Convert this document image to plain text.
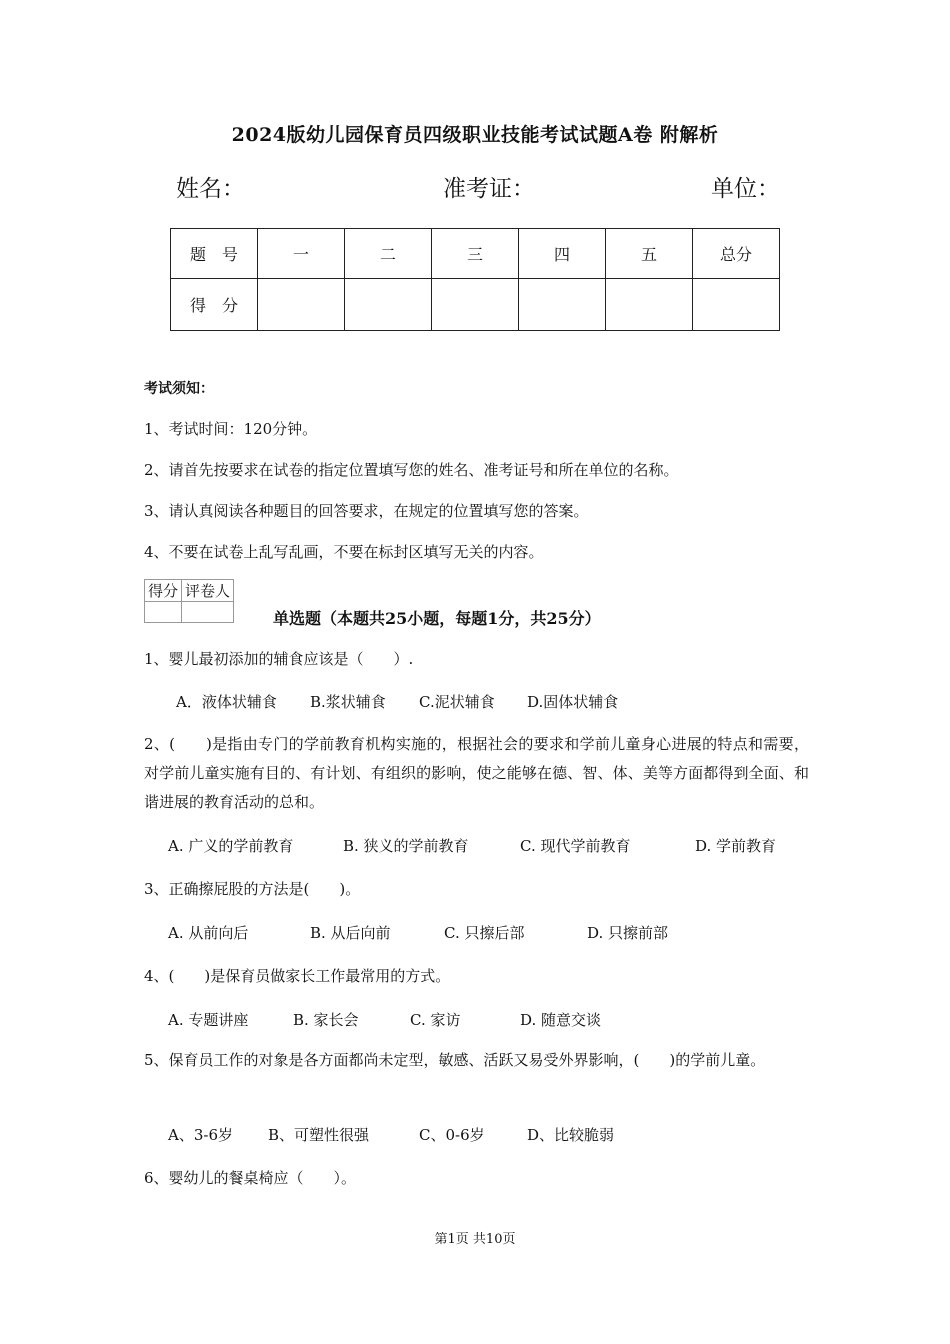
2024版幼儿园保育员四级职业技能考试试题A卷 附解析
姓名：	准考证：	单位：
题　号	一	二	三	四	五	总分
得　分						
考试须知：
1、考试时间：120分钟。
2、请首先按要求在试卷的指定位置填写您的姓名、准考证号和所在单位的名称。
3、请认真阅读各种题目的回答要求，在规定的位置填写您的答案。
4、不要在试卷上乱写乱画，不要在标封区填写无关的内容。
得分	评卷人

单选题（本题共25小题，每题1分，共25分）
1、婴儿最初添加的辅食应该是（　　）.
A．液体状辅食 B.浆状辅食 C.泥状辅食 D.固体状辅食
2、(　　)是指由专门的学前教育机构实施的，根据社会的要求和学前儿童身心进展的特点和需要，对学前儿童实施有目的、有计划、有组织的影响，使之能够在德、智、体、美等方面都得到全面、和谐进展的教育活动的总和。
A. 广义的学前教育	B. 狭义的学前教育	C. 现代学前教育	D. 学前教育
3、正确擦屁股的方法是(　　)。
A. 从前向后	B. 从后向前	C. 只擦后部	D. 只擦前部
4、(　　)是保育员做家长工作最常用的方式。
A. 专题讲座	B. 家长会	C. 家访	D. 随意交谈
5、保育员工作的对象是各方面都尚未定型，敏感、活跃又易受外界影响，(　　)的学前儿童。
A、3-6岁 B、可塑性很强	C、0-6岁	D、比较脆弱
6、婴幼儿的餐桌椅应（　　）。
第1页 共10页
